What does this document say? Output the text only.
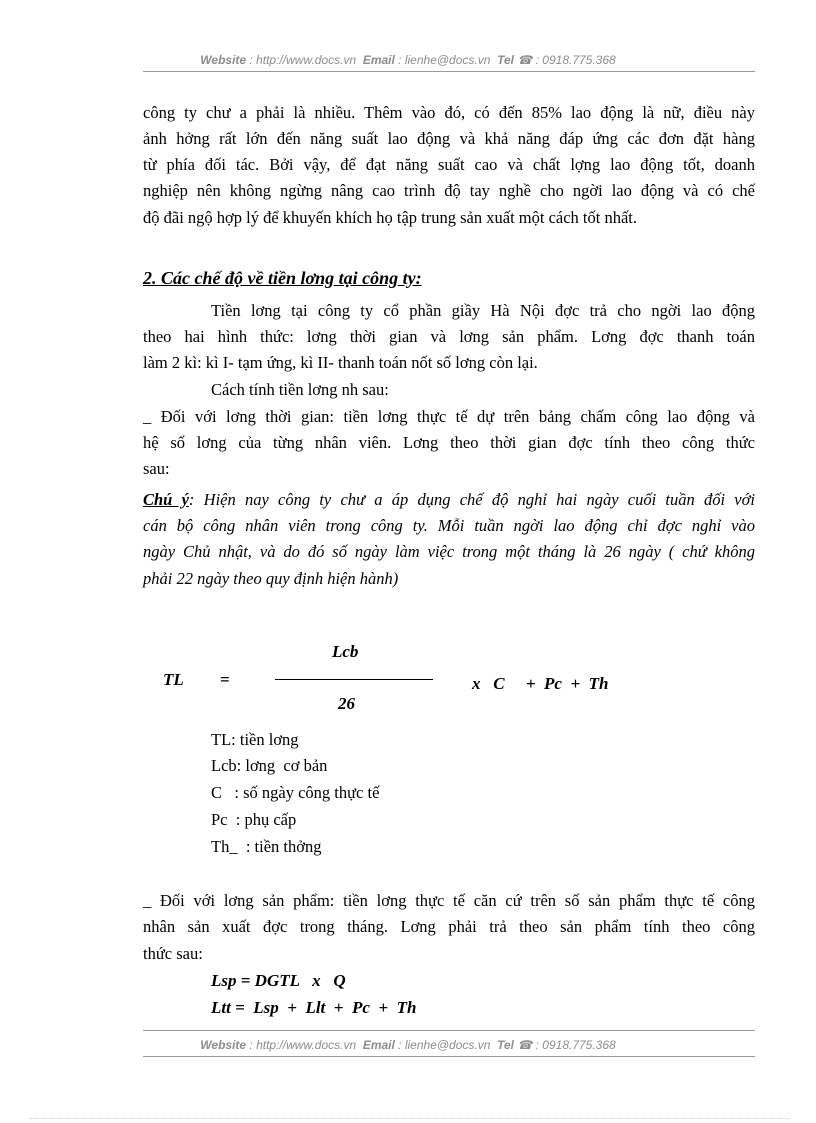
Website : http://www.docs.vn Email : lienhe@docs.vn Tel ☎ : 0918.775.368
công ty chư a phải là nhiều. Thêm vào đó, có đến 85% lao động là nữ, điều này
ảnh hởng rất lớn đến năng suất lao động và khả năng đáp ứng các đơn đặt hàng
từ phía đối tác. Bởi vậy, để đạt năng suất cao và chất lợng lao động tốt, doanh
nghiệp nên không ngừng nâng cao trình độ tay nghề cho ngời lao động và có chế
độ đãi ngộ hợp lý để khuyến khích họ tập trung sản xuất một cách tốt nhất.
2. Các chế độ về tiền lơng tại công ty:
Tiền lơng tại công ty cổ phần giầy Hà Nội đợc trả cho ngời lao động
theo hai hình thức: lơng thời gian và lơng sản phẩm. Lơng đợc thanh toán
làm 2 kì: kì I- tạm ứng, kì II- thanh toán nốt số lơng còn lại.
Cách tính tiền lơng nh sau:
_ Đối với lơng thời gian: tiền lơng thực tế dự trên bảng chấm công lao động và
hệ số lơng của từng nhân viên. Lơng theo thời gian đợc tính theo công thức
sau:
Chú ý: Hiện nay công ty chư a áp dụng chế độ nghỉ hai ngày cuối tuần đối với
cán bộ công nhân viên trong công ty. Mỗi tuần ngời lao động chỉ đợc nghỉ vào
ngày Chủ nhật, và do đó số ngày làm việc trong một tháng là 26 ngày ( chứ không
phải 22 ngày theo quy định hiện hành)
Lcb
TL =	x   C     +  Pc  +  Th
26
TL: tiền lơng
Lcb: lơng  cơ bản
C   : số ngày công thực tế
Pc  : phụ cấp
Th_  : tiền thởng
_ Đối với lơng sản phẩm: tiền lơng thực tế căn cứ trên số sản phẩm thực tế công
nhân sản xuất đợc trong tháng. Lơng phải trả theo sản phẩm tính theo công
thức sau:
Lsp = DGTL   x   Q
Ltt =  Lsp  +  Llt  +  Pc  +  Th
Website : http://www.docs.vn Email : lienhe@docs.vn Tel ☎ : 0918.775.368
